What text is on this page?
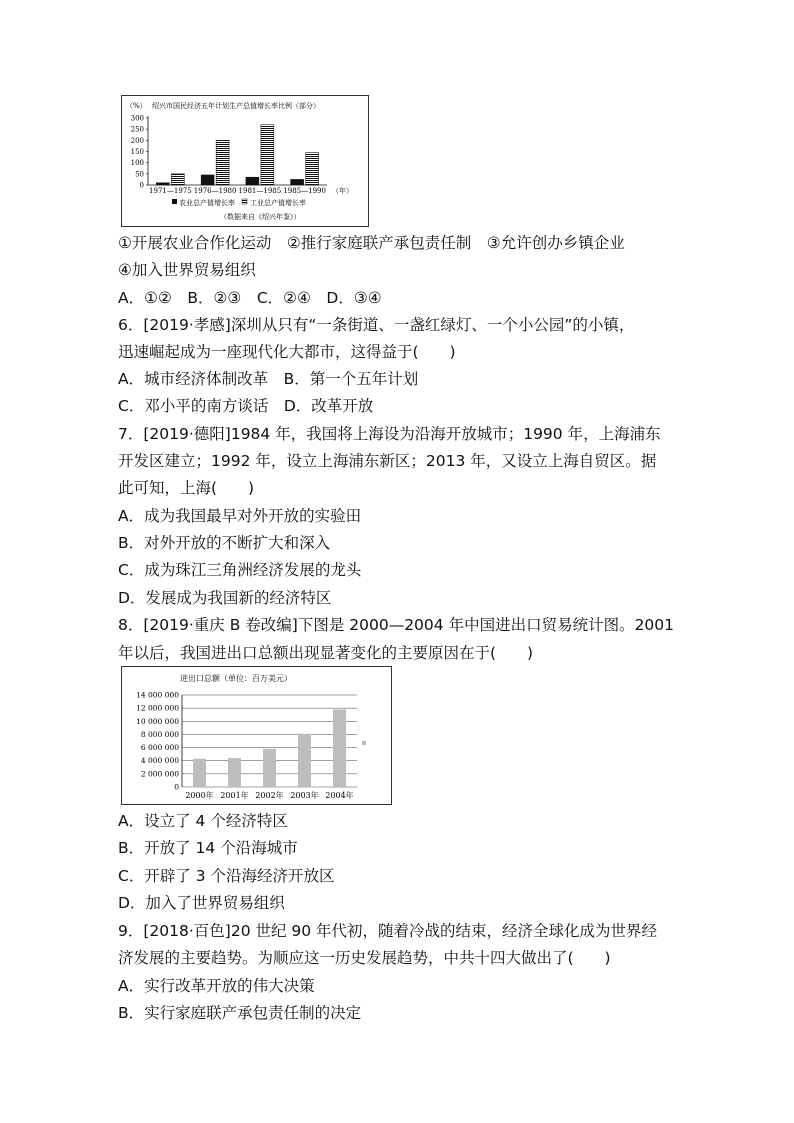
（%） 绍兴市国民经济五年计划生产总值增长率比例（部分）
0
50
100
150
200
250
300
1971—1975 1976—1980 1981—1985 1985—1990 （年）
农业总产值增长率 工业总产值增长率
（数据来自《绍兴年鉴》）
①开展农业合作化运动　②推行家庭联产承包责任制　③允许创办乡镇企业
④加入世界贸易组织
A．①②　B．②③　C．②④　D．③④
6．[2019·孝感]深圳从只有“一条街道、一盏红绿灯、一个小公园”的小镇，
迅速崛起成为一座现代化大都市，这得益于(　　)
A．城市经济体制改革　B．第一个五年计划
C．邓小平的南方谈话　D．改革开放
7．[2019·德阳]1984 年，我国将上海设为沿海开放城市；1990 年，上海浦东
开发区建立；1992 年，设立上海浦东新区；2013 年，又设立上海自贸区。据
此可知，上海(　　)
A．成为我国最早对外开放的实验田
B．对外开放的不断扩大和深入
C．成为珠江三角洲经济发展的龙头
D．发展成为我国新的经济特区
8．[2019·重庆 B 卷改编]下图是 2000—2004 年中国进出口贸易统计图。2001
年以后，我国进出口总额出现显著变化的主要原因在于(　　)
进出口总额（单位：百万美元）
0
2 000 000
4 000 000
6 000 000
8 000 000
10 000 000
12 000 000
14 000 000
2000年 2001年 2002年 2003年 2004年
A．设立了 4 个经济特区
B．开放了 14 个沿海城市
C．开辟了 3 个沿海经济开放区
D．加入了世界贸易组织
9．[2018·百色]20 世纪 90 年代初，随着冷战的结束，经济全球化成为世界经
济发展的主要趋势。为顺应这一历史发展趋势，中共十四大做出了(　　)
A．实行改革开放的伟大决策
B．实行家庭联产承包责任制的决定
